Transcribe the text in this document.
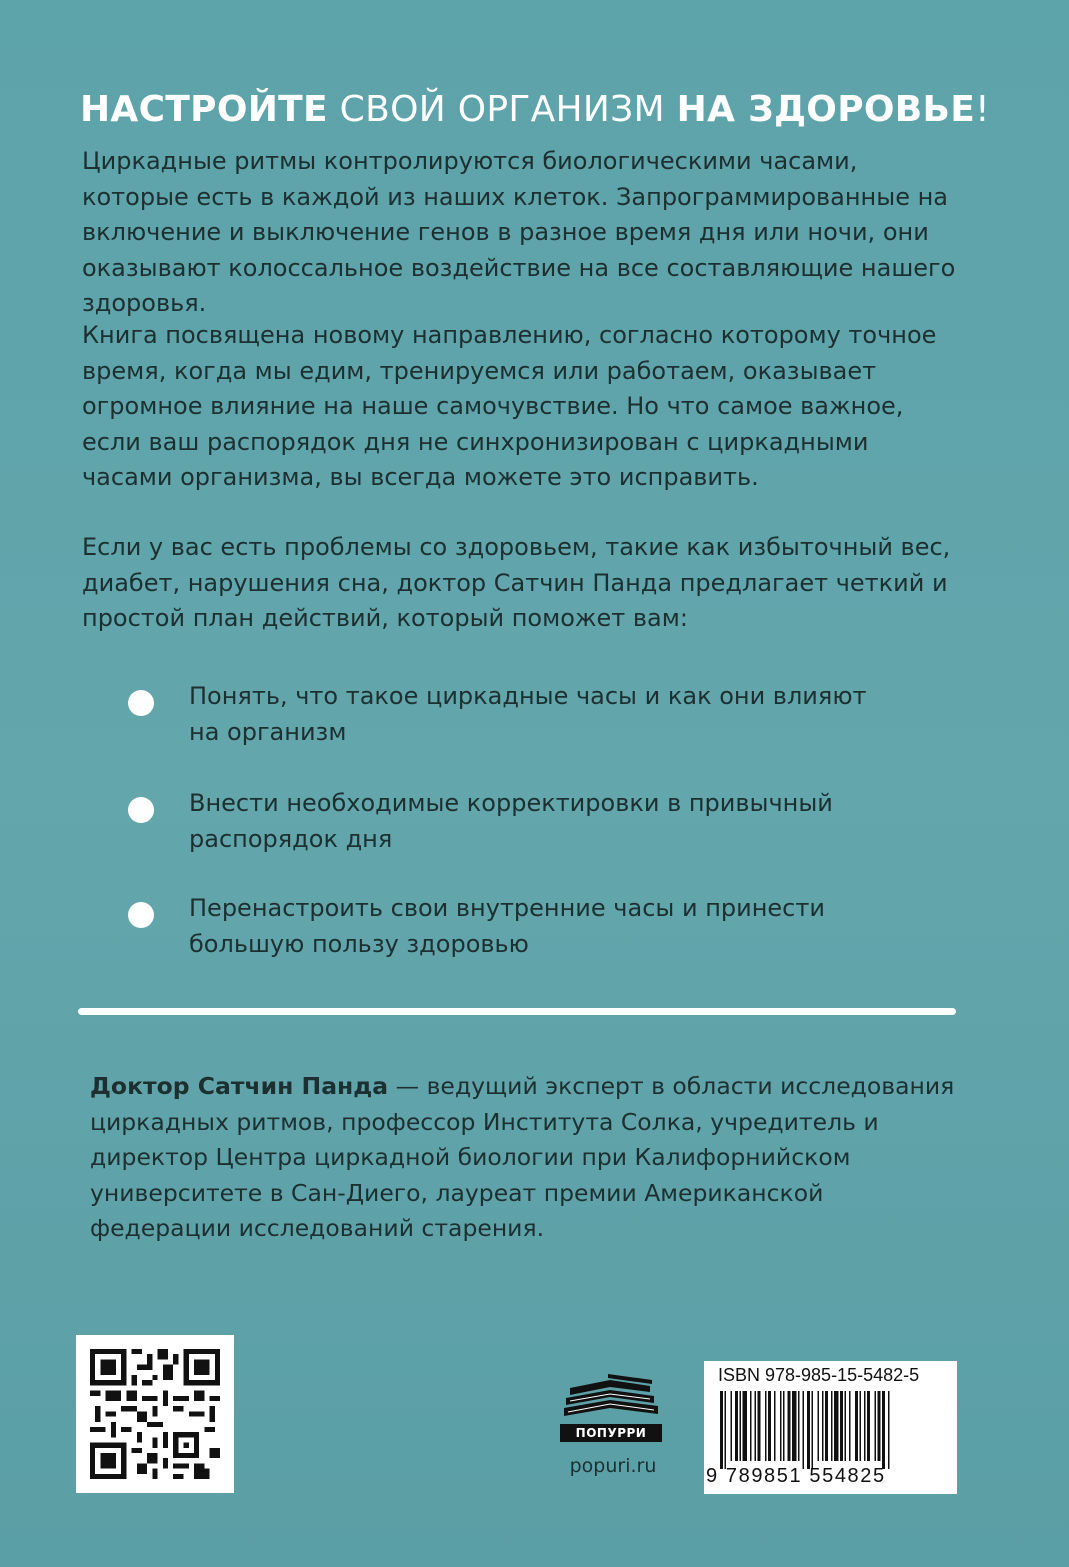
НАСТРОЙТЕ СВОЙ ОРГАНИЗМ НА ЗДОРОВЬЕ!
Циркадные ритмы контролируются биологическими часами, которые есть в каждой из наших клеток. Запрограммированные на включение и выключение генов в разное время дня или ночи, они оказывают колоссальное воздействие на все составляющие нашего здоровья.
Книга посвящена новому направлению, согласно которому точное время, когда мы едим, тренируемся или работаем, оказывает огромное влияние на наше самочувствие. Но что самое важное, если ваш распорядок дня не синхронизирован с циркадными часами организма, вы всегда можете это исправить.
Если у вас есть проблемы со здоровьем, такие как избыточный вес, диабет, нарушения сна, доктор Сатчин Панда предлагает четкий и простой план действий, который поможет вам:
Понять, что такое циркадные часы и как они влияют на организм
Внести необходимые корректировки в привычный распорядок дня
Перенастроить свои внутренние часы и принести большую пользу здоровью
Доктор Сатчин Панда — ведущий эксперт в области исследования циркадных ритмов, профессор Института Солка, учредитель и директор Центра циркадной биологии при Калифорнийском университете в Сан-Диего, лауреат премии Американской федерации исследований старения.
ПОПУРРИ
popuri.ru
ISBN 978-985-15-5482-5
9 789851 554825
